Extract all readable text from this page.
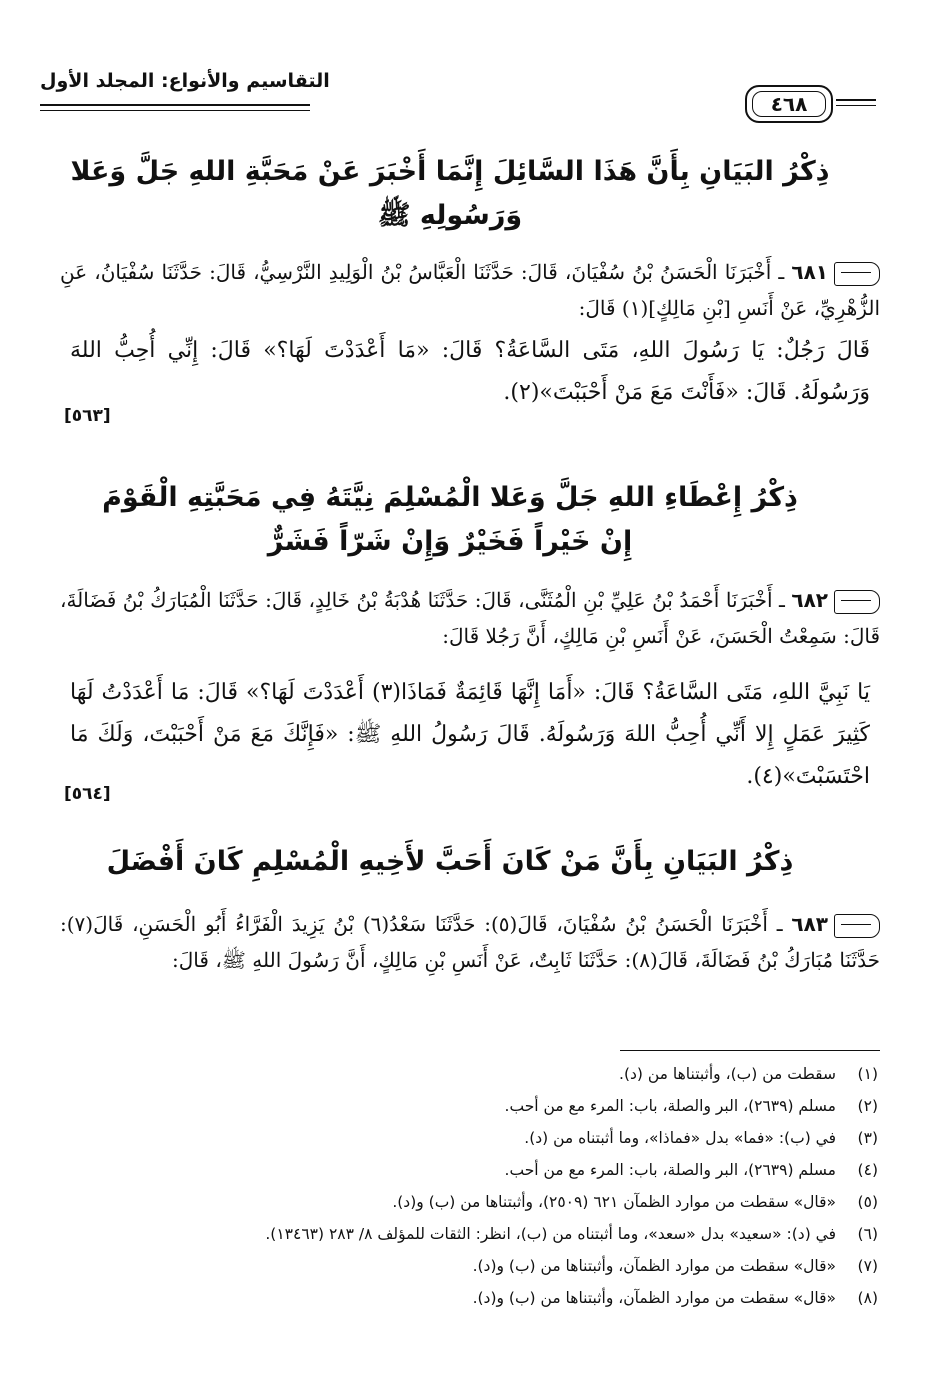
التقاسيم والأنواع: المجلد الأول
٤٦٨
ذِكْرُ البَيَانِ بِأَنَّ هَذَا السَّائِلَ إِنَّمَا أَخْبَرَ عَنْ مَحَبَّةِ اللهِ جَلَّ وَعَلا
وَرَسُولِهِ ﷺ
٦٨١ ـ أَخْبَرَنَا الْحَسَنُ بْنُ سُفْيَانَ، قَالَ: حَدَّثَنَا الْعَبَّاسُ بْنُ الْوَلِيدِ النَّرْسِيُّ، قَالَ: حَدَّثَنَا سُفْيَانُ، عَنِ الزُّهْرِيِّ، عَنْ أَنَسِ [بْنِ مَالِكٍ](١) قَالَ:
قَالَ رَجُلٌ: يَا رَسُولَ اللهِ، مَتَى السَّاعَةُ؟ قَالَ: «مَا أَعْدَدْتَ لَهَا؟» قَالَ: إِنِّي أُحِبُّ اللهَ وَرَسُولَهُ. قَالَ: «فَأَنْتَ مَعَ مَنْ أَحْبَبْتَ»(٢).
[٥٦٣]
ذِكْرُ إِعْطَاءِ اللهِ جَلَّ وَعَلا الْمُسْلِمَ نِيَّتَهُ فِي مَحَبَّتِهِ الْقَوْمَ
إِنْ خَيْراً فَخَيْرٌ وَإِنْ شَرّاً فَشَرٌّ
٦٨٢ ـ أَخْبَرَنَا أَحْمَدُ بْنُ عَلِيِّ بْنِ الْمُثَنَّى، قَالَ: حَدَّثَنَا هُدْبَةُ بْنُ خَالِدٍ، قَالَ: حَدَّثَنَا الْمُبَارَكُ بْنُ فَضَالَةَ، قَالَ: سَمِعْتُ الْحَسَنَ، عَنْ أَنَسِ بْنِ مَالِكٍ، أَنَّ رَجُلا قَالَ:
يَا نَبِيَّ اللهِ، مَتَى السَّاعَةُ؟ قَالَ: «أَمَا إِنَّهَا قَائِمَةٌ فَمَاذَا(٣) أَعْدَدْتَ لَهَا؟» قَالَ: مَا أَعْدَدْتُ لَهَا كَثِيرَ عَمَلٍ إِلا أَنِّي أُحِبُّ اللهَ وَرَسُولَهُ. قَالَ رَسُولُ اللهِ ﷺ: «فَإِنَّكَ مَعَ مَنْ أَحْبَبْتَ، وَلَكَ مَا احْتَسَبْتَ»(٤).
[٥٦٤]
ذِكْرُ البَيَانِ بِأَنَّ مَنْ كَانَ أَحَبَّ لأَخِيهِ الْمُسْلِمِ كَانَ أَفْضَلَ
٦٨٣ ـ أَخْبَرَنَا الْحَسَنُ بْنُ سُفْيَانَ، قَالَ(٥): حَدَّثَنَا سَعْدُ(٦) بْنُ يَزِيدَ الْفَرَّاءُ أَبُو الْحَسَنِ، قَالَ(٧): حَدَّثَنَا مُبَارَكُ بْنُ فَضَالَةَ، قَالَ(٨): حَدَّثَنَا ثَابِتٌ، عَنْ أَنَسِ بْنِ مَالِكٍ، أَنَّ رَسُولَ اللهِ ﷺ، قَالَ:
(١)سقطت من (ب)، وأثبتناها من (د).
(٢)مسلم (٢٦٣٩)، البر والصلة، باب: المرء مع من أحب.
(٣)في (ب): «فما» بدل «فماذا»، وما أثبتناه من (د).
(٤)مسلم (٢٦٣٩)، البر والصلة، باب: المرء مع من أحب.
(٥)«قال» سقطت من موارد الظمآن ٦٢١ (٢٥٠٩)، وأثبتناها من (ب) و(د).
(٦)في (د): «سعيد» بدل «سعد»، وما أثبتناه من (ب)، انظر: الثقات للمؤلف ٨/ ٢٨٣ (١٣٤٦٣).
(٧)«قال» سقطت من موارد الظمآن، وأثبتناها من (ب) و(د).
(٨)«قال» سقطت من موارد الظمآن، وأثبتناها من (ب) و(د).
